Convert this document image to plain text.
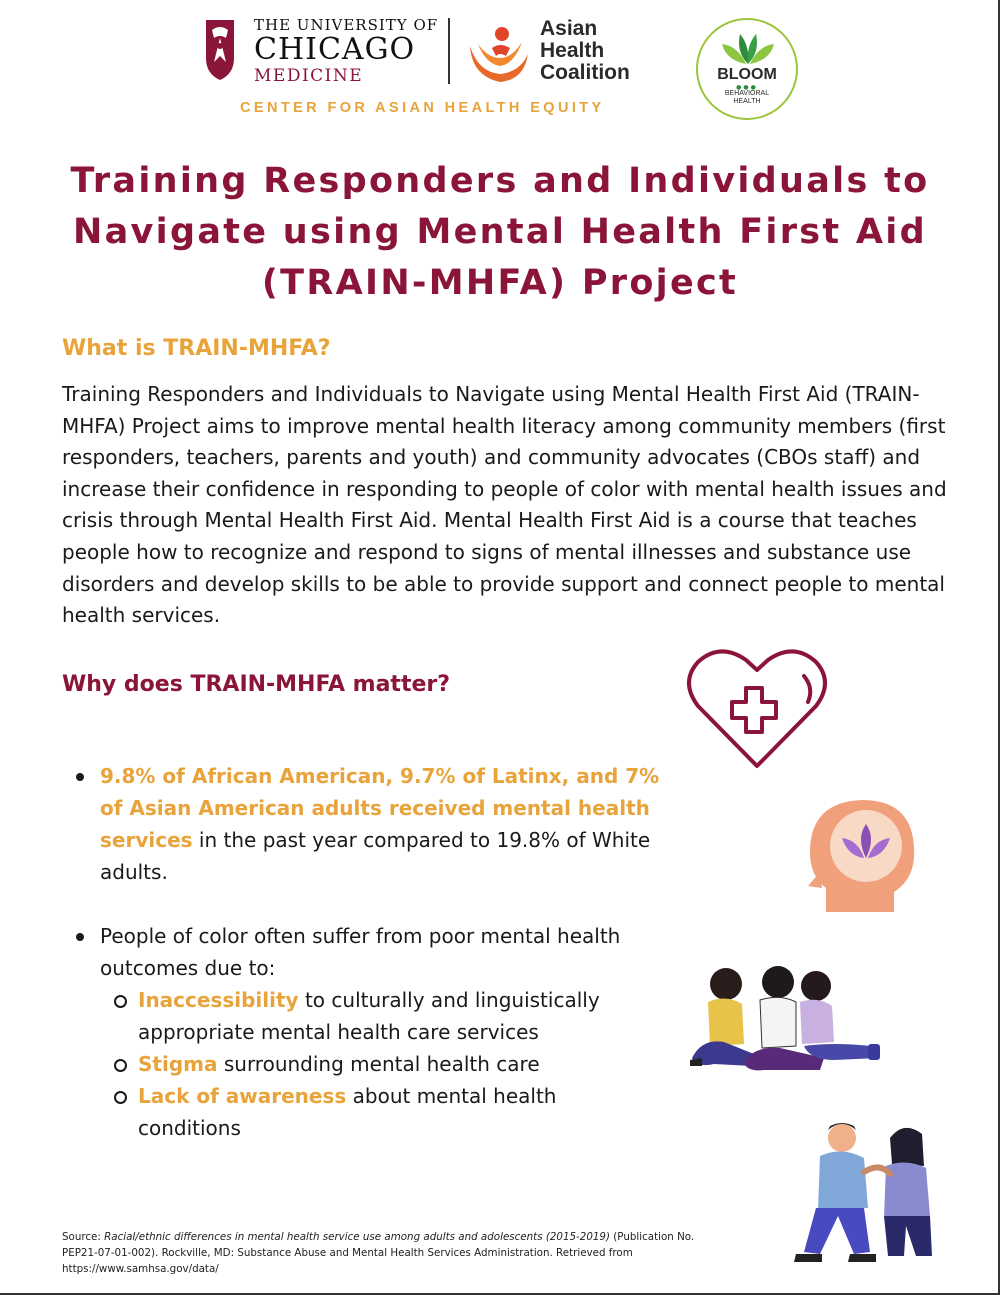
THE UNIVERSITY OF
CHICAGO
MEDICINE
Asian
Health
Coalition
CENTER FOR ASIAN HEALTH EQUITY
BLOOM
●●●
BEHAVIORAL
HEALTH
Training Responders and Individuals to
Navigate using Mental Health First Aid
(TRAIN-MHFA) Project
What is TRAIN-MHFA?

Training Responders and Individuals to Navigate using Mental Health First Aid (TRAIN-MHFA) Project aims to improve mental health literacy among community members (first responders, teachers, parents and youth) and community advocates (CBOs staff) and increase their confidence in responding to people of color with mental health issues and crisis through Mental Health First Aid. Mental Health First Aid is a course that teaches people how to recognize and respond to signs of mental illnesses and substance use disorders and develop skills to be able to provide support and connect people to mental health services.

Why does TRAIN-MHFA matter?
9.8% of African American, 9.7% of Latinx, and 7% of Asian American adults received mental health services in the past year compared to 19.8% of White adults.
People of color often suffer from poor mental health outcomes due to:
Inaccessibility to culturally and linguistically appropriate mental health care services
Stigma surrounding mental health care
Lack of awareness about mental health conditions
Source: Racial/ethnic differences in mental health service use among adults and adolescents (2015-2019) (Publication No. PEP21-07-01-002). Rockville, MD: Substance Abuse and Mental Health Services Administration. Retrieved from https://www.samhsa.gov/data/
